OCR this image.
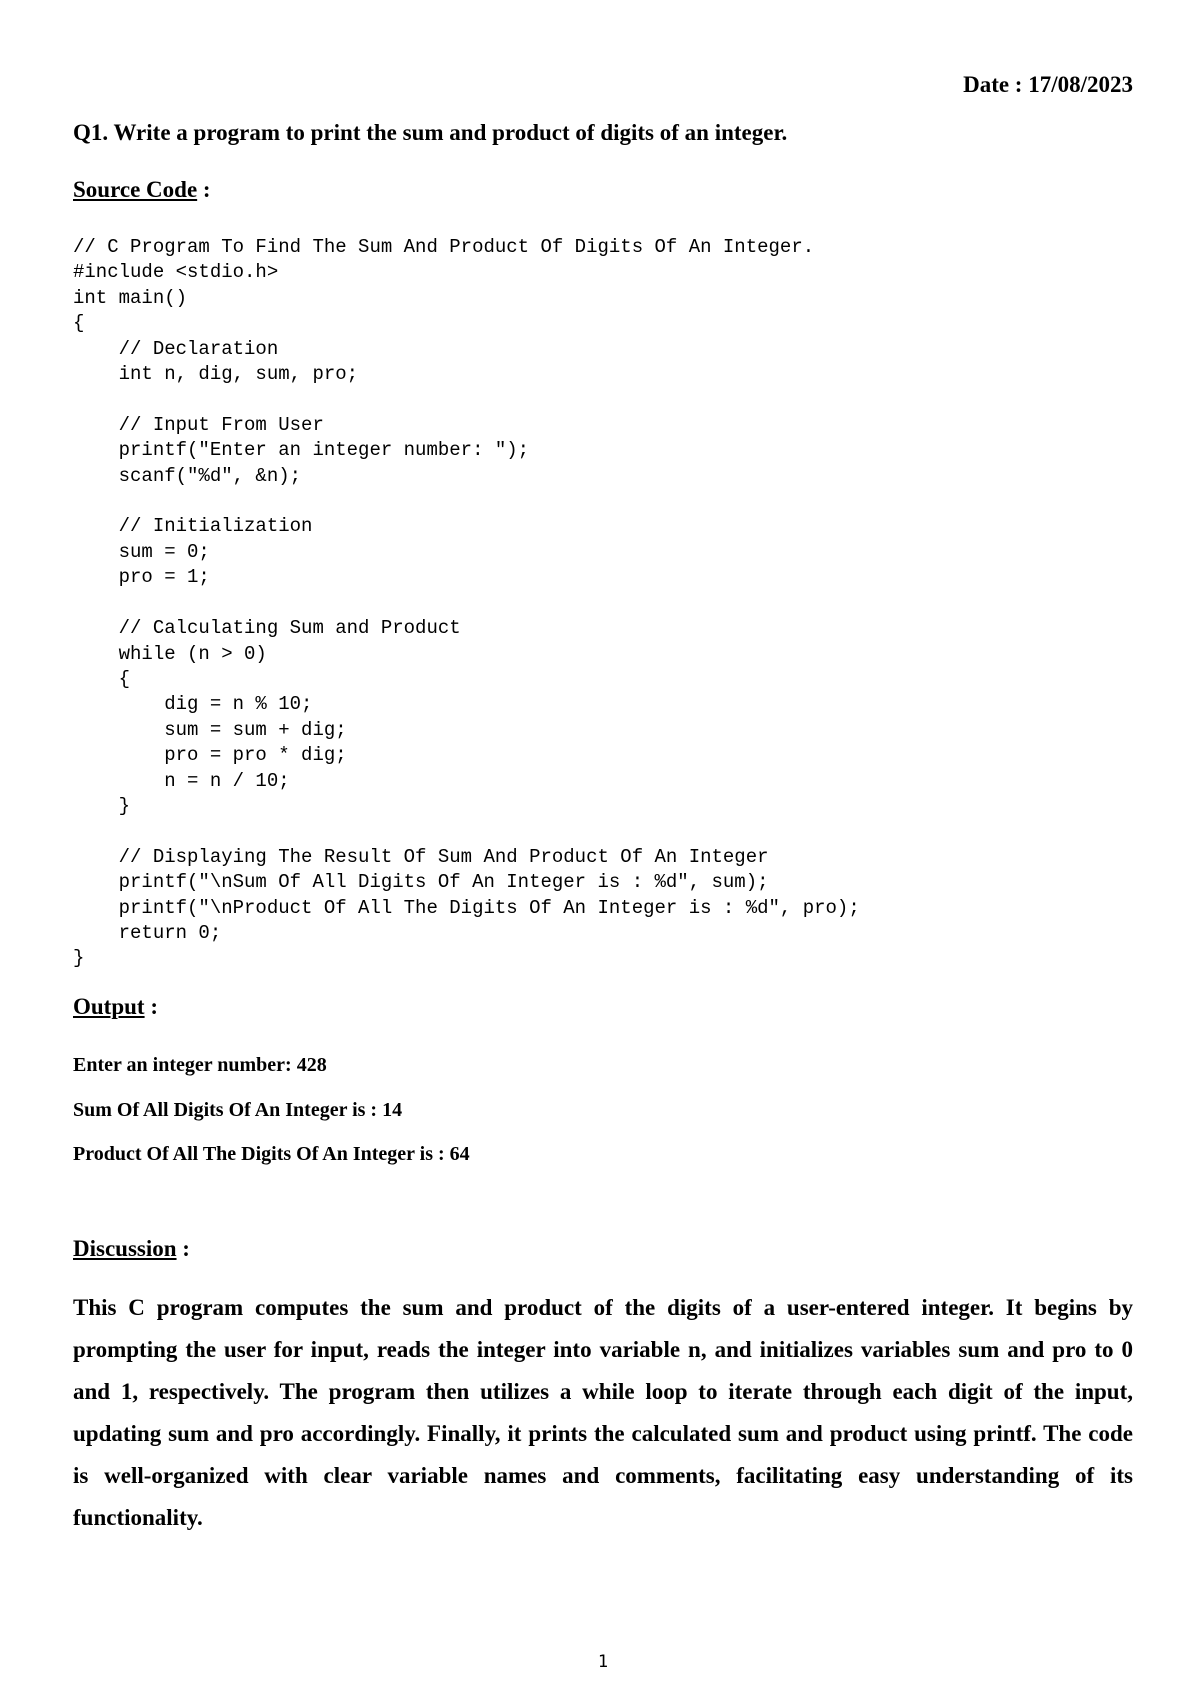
Date : 17/08/2023
Q1. Write a program to print the sum and product of digits of an integer.
Source Code :
// C Program To Find The Sum And Product Of Digits Of An Integer.
#include <stdio.h>
int main()
{
// Declaration
int n, dig, sum, pro;

// Input From User
printf("Enter an integer number: ");
scanf("%d", &n);

// Initialization
sum = 0;
pro = 1;

// Calculating Sum and Product
while (n > 0)
{
dig = n % 10;
sum = sum + dig;
pro = pro * dig;
n = n / 10;
}

// Displaying The Result Of Sum And Product Of An Integer
printf("\nSum Of All Digits Of An Integer is : %d", sum);
printf("\nProduct Of All The Digits Of An Integer is : %d", pro);
return 0;
}
Output :
Enter an integer number: 428
Sum Of All Digits Of An Integer is : 14
Product Of All The Digits Of An Integer is : 64
Discussion :

This C program computes the sum and product of the digits of a user-entered integer. It begins by prompting the user for input, reads the integer into variable n, and initializes variables sum and pro to 0 and 1, respectively. The program then utilizes a while loop to iterate through each digit of the input, updating sum and pro accordingly. Finally, it prints the calculated sum and product using printf. The code is well-organized with clear variable names and comments, facilitating easy understanding of its functionality.

1
